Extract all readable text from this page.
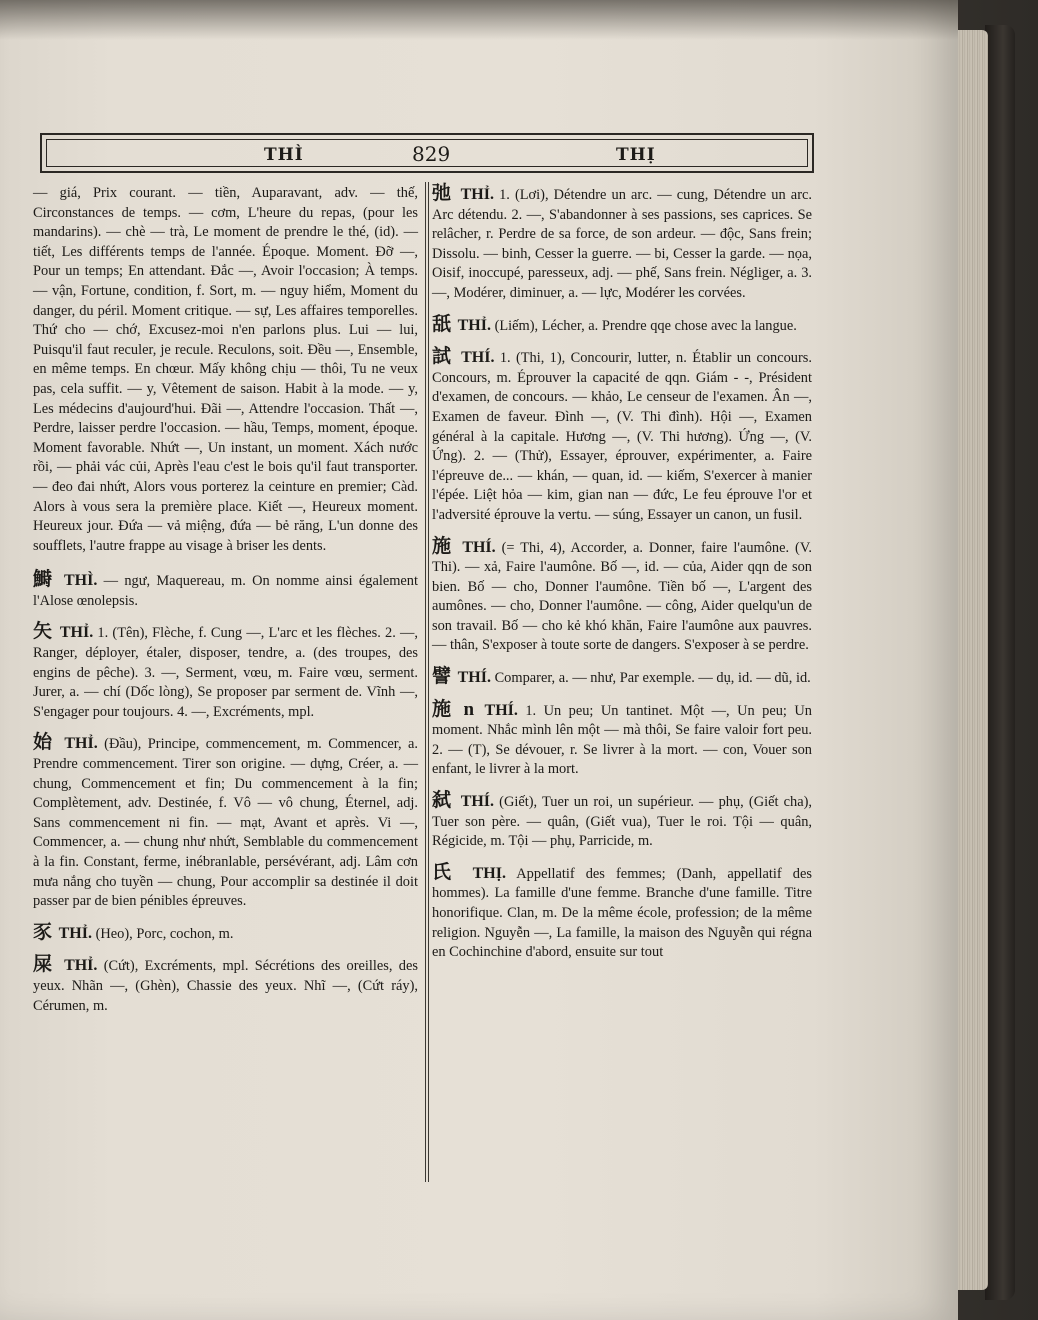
THÌ	829	THỊ
— giá, Prix courant. — tiền, Auparavant, adv. — thế, Circonstances de temps. — cơm, L'heure du repas, (pour les mandarins). — chè — trà, Le moment de prendre le thé, (id). — tiết, Les différents temps de l'année. Époque. Moment. Đỡ —, Pour un temps; En attendant. Đắc —, Avoir l'occasion; À temps. — vận, Fortune, condition, f. Sort, m. — nguy hiểm, Moment du danger, du péril. Moment critique. — sự, Les affaires temporelles. Thứ cho — chớ, Excusez-moi n'en parlons plus. Lui — lui, Puisqu'il faut reculer, je recule. Reculons, soit. Đều —, Ensemble, en même temps. En chœur. Mấy không chịu — thôi, Tu ne veux pas, cela suffit. — y, Vêtement de saison. Habit à la mode. — y, Les médecins d'aujourd'hui. Đãi —, Attendre l'occasion. Thất —, Perdre, laisser perdre l'occasion. — hầu, Temps, moment, époque. Moment favorable. Nhứt —, Un instant, un moment. Xách nước rồi, — phải vác củi, Après l'eau c'est le bois qu'il faut transporter. — đeo đai nhứt, Alors vous porterez la ceinture en premier; Càd. Alors à vous sera la première place. Kiết —, Heureux moment. Heureux jour. Đứa — vả miệng, đứa — bẻ răng, L'un donne des soufflets, l'autre frappe au visage à briser les dents.
鰣 THÌ. — ngư, Maquereau, m. On nomme ainsi également l'Alose œnolepsis.
矢 THỈ. 1. (Tên), Flèche, f. Cung —, L'arc et les flèches. 2. —, Ranger, déployer, étaler, disposer, tendre, a. (des troupes, des engins de pêche). 3. —, Serment, vœu, m. Faire vœu, serment. Jurer, a. — chí (Dốc lòng), Se proposer par serment de. Vĩnh —, S'engager pour toujours. 4. —, Excréments, mpl.
始 THỈ. (Đầu), Principe, commencement, m. Commencer, a. Prendre commencement. Tirer son origine. — dựng, Créer, a. — chung, Commencement et fin; Du commencement à la fin; Complètement, adv. Destinée, f. Vô — vô chung, Éternel, adj. Sans commencement ni fin. — mạt, Avant et après. Vi —, Commencer, a. — chung như nhứt, Semblable du commencement à la fin. Constant, ferme, inébranlable, persévérant, adj. Lâm cơn mưa nắng cho tuyền — chung, Pour accomplir sa destinée il doit passer par de bien pénibles épreuves.
豕 THỈ. (Heo), Porc, cochon, m.
屎 THỈ. (Cứt), Excréments, mpl. Sécrétions des oreilles, des yeux. Nhãn —, (Ghèn), Chassie des yeux. Nhĩ —, (Cứt ráy), Cérumen, m.
弛 THỈ. 1. (Lơi), Détendre un arc. — cung, Détendre un arc. Arc détendu. 2. —, S'abandonner à ses passions, ses caprices. Se relâcher, r. Perdre de sa force, de son ardeur. — độc, Sans frein; Dissolu. — binh, Cesser la guerre. — bi, Cesser la garde. — nọa, Oisif, inoccupé, paresseux, adj. — phế, Sans frein. Négliger, a. 3. —, Modérer, diminuer, a. — lực, Modérer les corvées.
舐 THỈ. (Liếm), Lécher, a. Prendre qqe chose avec la langue.
試 THÍ. 1. (Thi, 1), Concourir, lutter, n. Établir un concours. Concours, m. Éprouver la capacité de qqn. Giám - -, Président d'examen, de concours. — khảo, Le censeur de l'examen. Ân —, Examen de faveur. Đình —, (V. Thi đình). Hội —, Examen général à la capitale. Hương —, (V. Thi hương). Ứng —, (V. Ứng). 2. — (Thử), Essayer, éprouver, expérimenter, a. Faire l'épreuve de... — khán, — quan, id. — kiếm, S'exercer à manier l'épée. Liệt hỏa — kim, gian nan — đức, Le feu éprouve l'or et l'adversité éprouve la vertu. — súng, Essayer un canon, un fusil.
施 THÍ. (= Thi, 4), Accorder, a. Donner, faire l'aumône. (V. Thi). — xả, Faire l'aumône. Bố —, id. — của, Aider qqn de son bien. Bố — cho, Donner l'aumône. Tiền bố —, L'argent des aumônes. — cho, Donner l'aumône. — công, Aider quelqu'un de son travail. Bố — cho kẻ khó khăn, Faire l'aumône aux pauvres. — thân, S'exposer à toute sorte de dangers. S'exposer à se perdre.
譬 THÍ. Comparer, a. — như, Par exemple. — dụ, id. — dũ, id.
施 n THÍ. 1. Un peu; Un tantinet. Một —, Un peu; Un moment. Nhắc mình lên một — mà thôi, Se faire valoir fort peu. 2. — (T), Se dévouer, r. Se livrer à la mort. — con, Vouer son enfant, le livrer à la mort.
弑 THÍ. (Giết), Tuer un roi, un supérieur. — phụ, (Giết cha), Tuer son père. — quân, (Giết vua), Tuer le roi. Tội — quân, Régicide, m. Tội — phụ, Parricide, m.
氏 THỊ. Appellatif des femmes; (Danh, appellatif des hommes). La famille d'une femme. Branche d'une famille. Titre honorifique. Clan, m. De la même école, profession; de la même religion. Nguyễn —, La famille, la maison des Nguyễn qui régna en Cochinchine d'abord, ensuite sur tout
